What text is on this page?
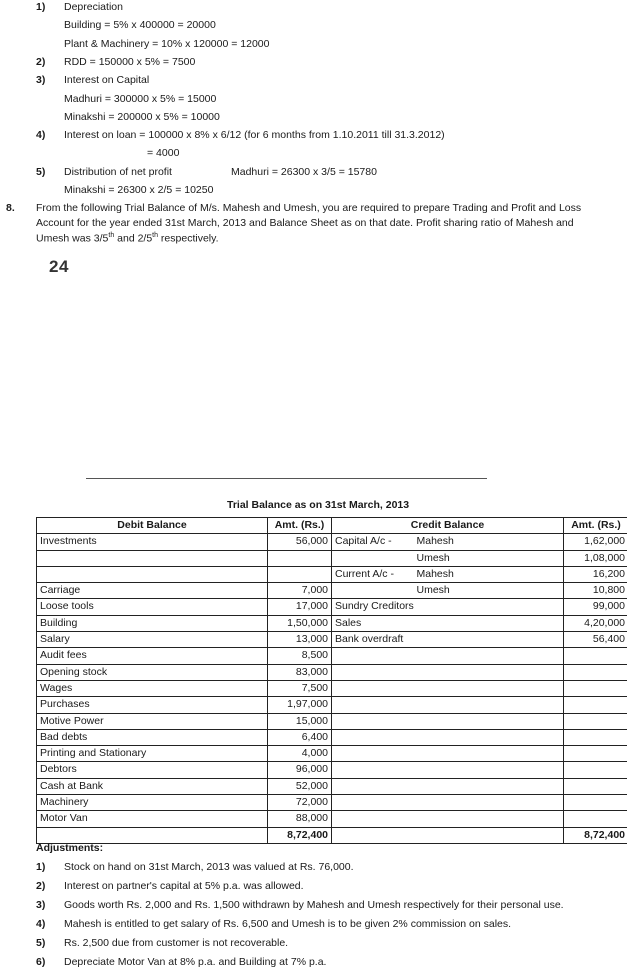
1) Depreciation
Building = 5% x 400000 = 20000
Plant & Machinery = 10% x 120000 = 12000
2) RDD = 150000 x 5% = 7500
3) Interest on Capital
Madhuri = 300000 x 5% = 15000
Minakshi = 200000 x 5% = 10000
4) Interest on loan = 100000 x 8% x 6/12 (for 6 months from 1.10.2011 till 31.3.2012)
= 4000
5) Distribution of net profit	Madhuri = 26300 x 3/5 = 15780
Minakshi = 26300 x 2/5 = 10250
8. From the following Trial Balance of M/s. Mahesh and Umesh, you are required to prepare Trading and Profit and Loss
Account for the year ended 31st March, 2013 and Balance Sheet as on that date. Profit sharing ratio of Mahesh and
Umesh was 3/5th and 2/5th respectively.
24
Trial Balance as on 31st March, 2013
Debit Balance	Amt. (Rs.)	Credit Balance		Amt. (Rs.)
Investments	56,000	Capital A/c -	Mahesh	1,62,000
			Umesh	1,08,000
		Current A/c -	Mahesh	16,200
Carriage	7,000		Umesh	10,800
Loose tools	17,000	Sundry Creditors		99,000
Building	1,50,000	Sales		4,20,000
Salary	13,000	Bank overdraft		56,400
Audit fees	8,500			
Opening stock	83,000			
Wages	7,500			
Purchases	1,97,000			
Motive Power	15,000			
Bad debts	6,400			
Printing and Stationary	4,000			
Debtors	96,000			
Cash at Bank	52,000			
Machinery	72,000			
Motor Van	88,000			
	8,72,400			8,72,400
Adjustments:
1) Stock on hand on 31st March, 2013 was valued at Rs. 76,000.
2) Interest on partner's capital at 5% p.a. was allowed.
3) Goods worth Rs. 2,000 and Rs. 1,500 withdrawn by Mahesh and Umesh respectively for their personal use.
4) Mahesh is entitled to get salary of Rs. 6,500 and Umesh is to be given 2% commission on sales.
5) Rs. 2,500 due from customer is not recoverable.
6) Depreciate Motor Van at 8% p.a. and Building at 7% p.a.
